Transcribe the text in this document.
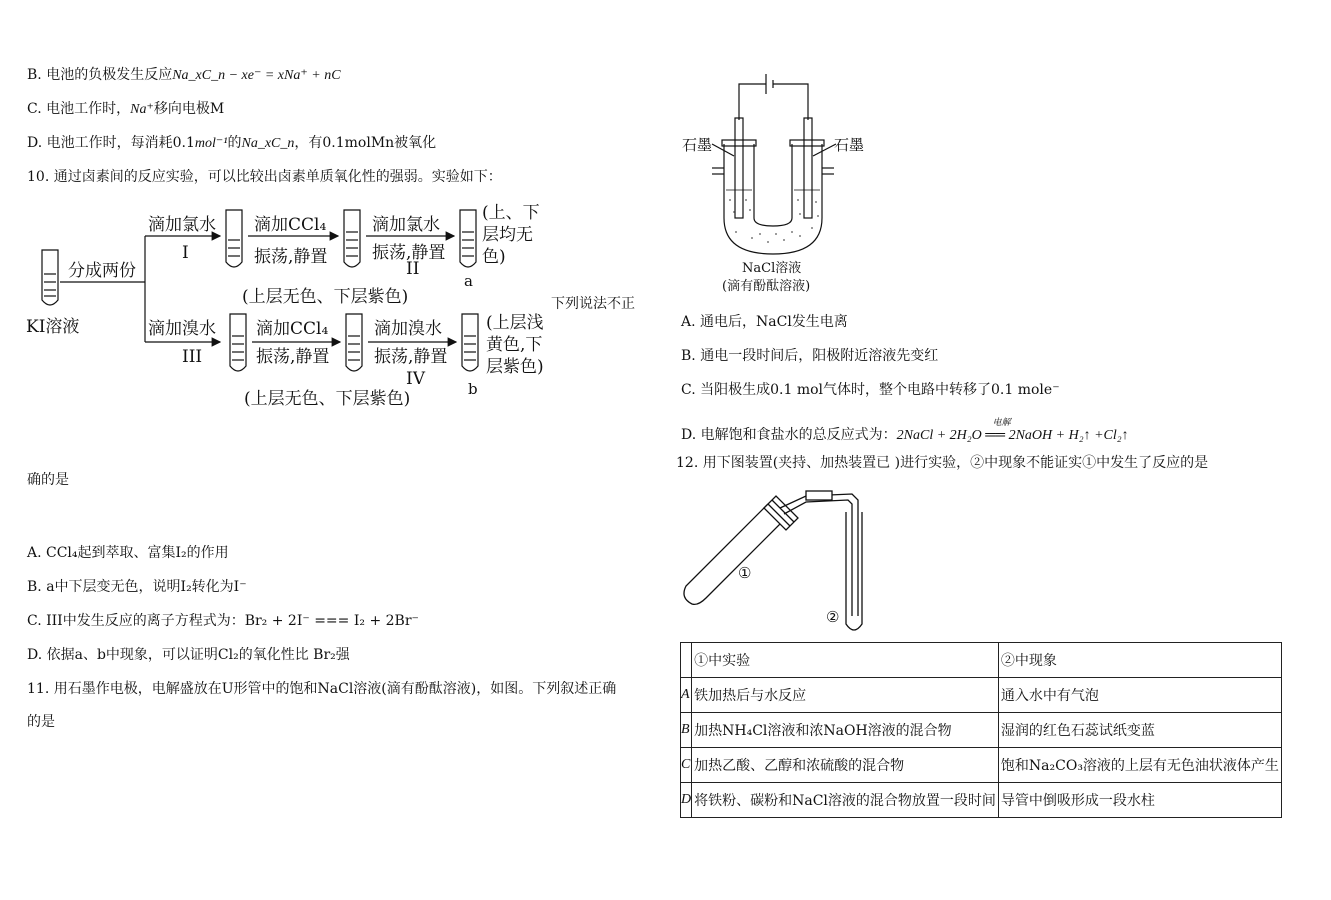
B. 电池的负极发生反应Na_xC_n − xe⁻ = xNa⁺ + nC
C. 电池工作时，Na⁺移向电极M
D. 电池工作时，每消耗0.1mol⁻¹的Na_xC_n，有0.1molMn被氧化
10. 通过卤素间的反应实验，可以比较出卤素单质氧化性的强弱。实验如下：
KI溶液
分成两份
滴加氯水
I
滴加CCl₄
振荡,静置
滴加氯水
振荡,静置
II
(上、下
层均无
色)
a
(上层无色、下层紫色)
滴加溴水
III
滴加CCl₄
振荡,静置
滴加溴水
振荡,静置
IV
(上层浅
黄色,下
层紫色)
b
(上层无色、下层紫色)
下列说法不正
确的是
A. CCl₄起到萃取、富集I₂的作用
B. a中下层变无色，说明I₂转化为I⁻
C. III中发生反应的离子方程式为：Br₂ + 2I⁻ === I₂ + 2Br⁻
D. 依据a、b中现象，可以证明Cl₂的氧化性比 Br₂强
11. 用石墨作电极，电解盛放在U形管中的饱和NaCl溶液(滴有酚酞溶液)，如图。下列叙述正确
的是
石墨	石墨
NaCl溶液
(滴有酚酞溶液)
A. 通电后，NaCl发生电离
B. 通电一段时间后，阳极附近溶液先变红
C. 当阳极生成0.1 mol气体时，整个电路中转移了0.1 mole⁻
D. 电解饱和食盐水的总反应式为：
电解
2NaCl + 2H₂O ══ 2NaOH + H₂↑ +Cl₂↑
12. 用下图装置(夹持、加热装置已 )进行实验，②中现象不能证实①中发生了反应的是
①
②
	①中实验	②中现象
A	铁加热后与水反应	通入水中有气泡
B	加热NH₄Cl溶液和浓NaOH溶液的混合物	湿润的红色石蕊试纸变蓝
C	加热乙酸、乙醇和浓硫酸的混合物	饱和Na₂CO₃溶液的上层有无色油状液体产生
D	将铁粉、碳粉和NaCl溶液的混合物放置一段时间	导管中倒吸形成一段水柱
